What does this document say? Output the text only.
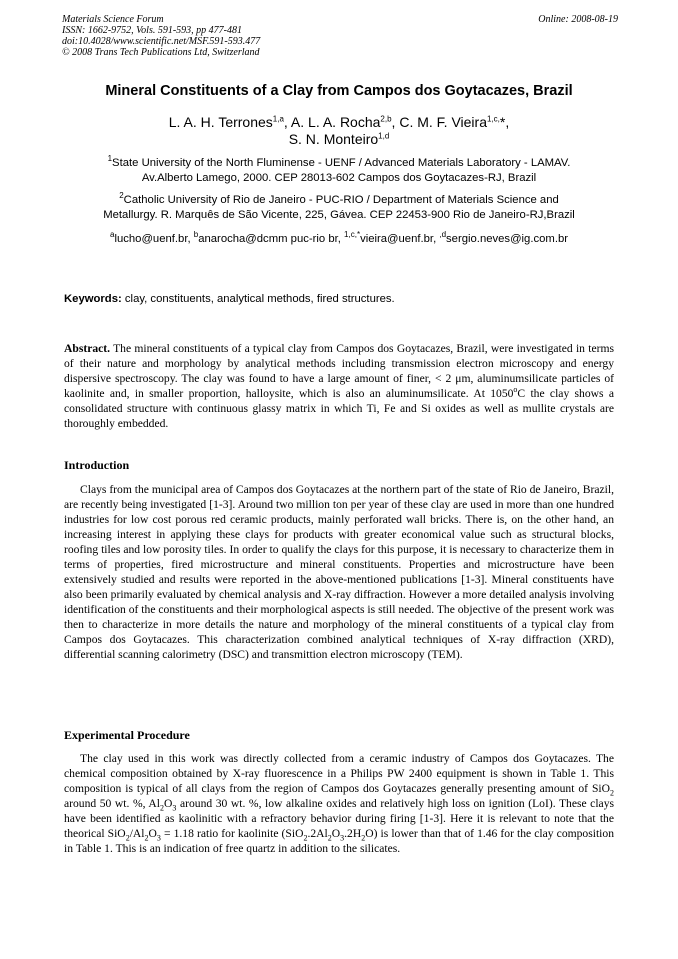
Materials Science Forum
ISSN: 1662-9752, Vols. 591-593, pp 477-481
doi:10.4028/www.scientific.net/MSF.591-593.477
© 2008 Trans Tech Publications Ltd, Switzerland
Online: 2008-08-19
Mineral Constituents of a Clay from Campos dos Goytacazes, Brazil
L. A. H. Terrones$^{1,a}$, A. L. A. Rocha$^{2,b}$, C. M. F. Vieira$^{1,c,}$*,
S. N. Monteiro$^{1,d}$
$^1$State University of the North Fluminense - UENF / Advanced Materials Laboratory - LAMAV.
Av.Alberto Lamego, 2000. CEP 28013-602 Campos dos Goytacazes-RJ, Brazil
$^2$Catholic University of Rio de Janeiro - PUC-RIO / Department of Materials Science and
Metallurgy. R. Marquês de São Vicente, 225, Gávea. CEP 22453-900 Rio de Janeiro-RJ,Brazil
$^a$lucho@uenf.br, $^b$anarocha@dcmm puc-rio br, $^{1,c,*}$vieira@uenf.br, $^{,d}$sergio.neves@ig.com.br
Keywords: clay, constituents, analytical methods, fired structures.
Abstract. The mineral constituents of a typical clay from Campos dos Goytacazes, Brazil, were investigated in terms of their nature and morphology by analytical methods including transmission electron microscopy and energy dispersive spectroscopy. The clay was found to have a large amount of finer, < 2 μm, aluminumsilicate particles of kaolinite and, in smaller proportion, halloysite, which is also an aluminumsilicate. At 1050$^o$C the clay shows a consolidated structure with continuous glassy matrix in which Ti, Fe and Si oxides as well as mullite crystals are thoroughly embedded.
Introduction
Clays from the municipal area of Campos dos Goytacazes at the northern part of the state of Rio de Janeiro, Brazil, are recently being investigated [1-3]. Around two million ton per year of these clay are used in more than one hundred industries for low cost porous red ceramic products, mainly perforated wall bricks. There is, on the other hand, an increasing interest in applying these clays for products with greater economical value such as structural blocks, roofing tiles and low porosity tiles. In order to qualify the clays for this purpose, it is necessary to characterize them in terms of properties, fired microstructure and mineral constituents. Properties and microstructure have been extensively studied and results were reported in the above-mentioned publications [1-3]. Mineral constituents have also been primarily evaluated by chemical analysis and X-ray diffraction. However a more detailed analysis involving identification of the constituents and their morphological aspects is still needed. The objective of the present work was then to characterize in more details the nature and morphology of the mineral constituents of a typical clay from Campos dos Goytacazes. This characterization combined analytical techniques of X-ray diffraction (XRD), differential scanning calorimetry (DSC) and transmittion electron microscopy (TEM).
Experimental Procedure
The clay used in this work was directly collected from a ceramic industry of Campos dos Goytacazes. The chemical composition obtained by X-ray fluorescence in a Philips PW 2400 equipment is shown in Table 1. This composition is typical of all clays from the region of Campos dos Goytacazes generally presenting amount of SiO$_2$ around 50 wt. %, $Al_2O_3$ around 30 wt. %, low alkaline oxides and relatively high loss on ignition (LoI). These clays have been identified as kaolinitic with a refractory behavior during firing [1-3]. Here it is relevant to note that the theorical $SiO_2/Al_2O_3 = 1.18$ ratio for kaolinite $(SiO_2.2Al_2O_3.2H_2O)$ is lower than that of 1.46 for the clay composition in Table 1. This is an indication of free quartz in addition to the silicates.
